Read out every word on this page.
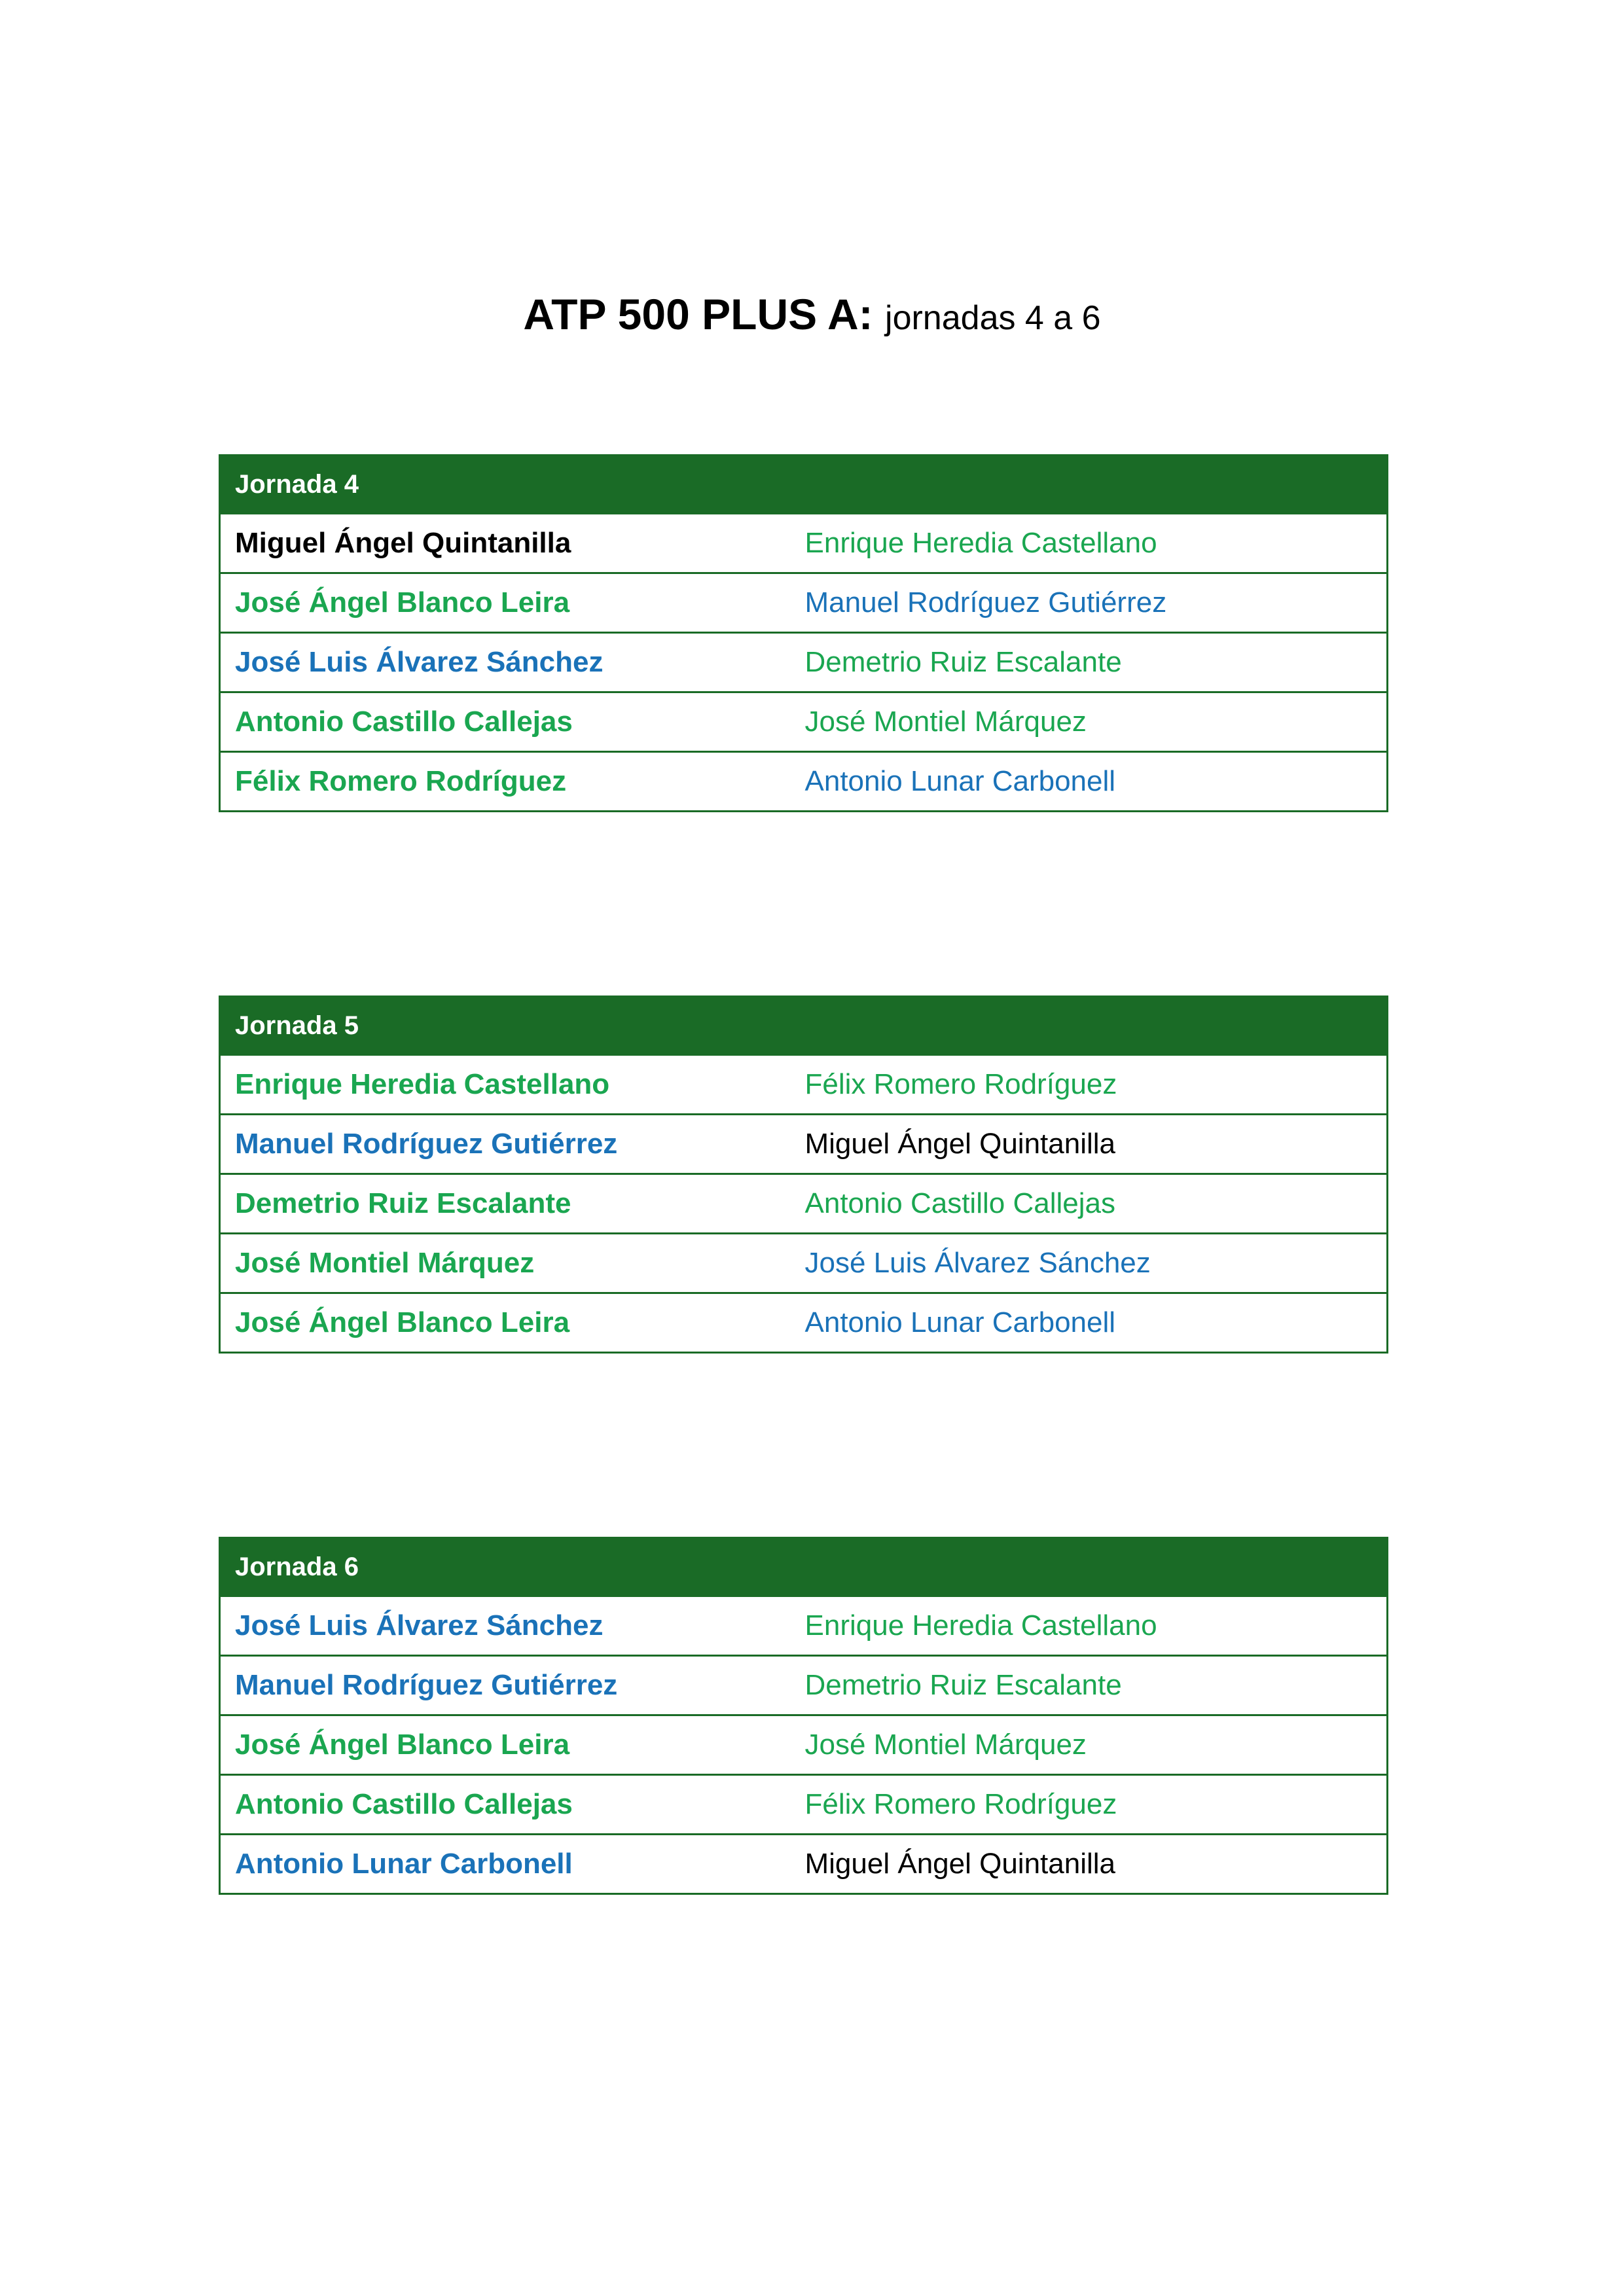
ATP 500 PLUS A: jornadas 4 a 6
Jornada 4	
Miguel Ángel Quintanilla	Enrique Heredia Castellano
José Ángel Blanco Leira	Manuel Rodríguez Gutiérrez
José Luis Álvarez Sánchez	Demetrio Ruiz Escalante
Antonio Castillo Callejas	José Montiel Márquez
Félix Romero Rodríguez	Antonio Lunar Carbonell
Jornada 5	
Enrique Heredia Castellano	Félix Romero Rodríguez
Manuel Rodríguez Gutiérrez	Miguel Ángel Quintanilla
Demetrio Ruiz Escalante	Antonio Castillo Callejas
José Montiel Márquez	José Luis Álvarez Sánchez
José Ángel Blanco Leira	Antonio Lunar Carbonell
Jornada 6	
José Luis Álvarez Sánchez	Enrique Heredia Castellano
Manuel Rodríguez Gutiérrez	Demetrio Ruiz Escalante
José Ángel Blanco Leira	José Montiel Márquez
Antonio Castillo Callejas	Félix Romero Rodríguez
Antonio Lunar Carbonell	Miguel Ángel Quintanilla
